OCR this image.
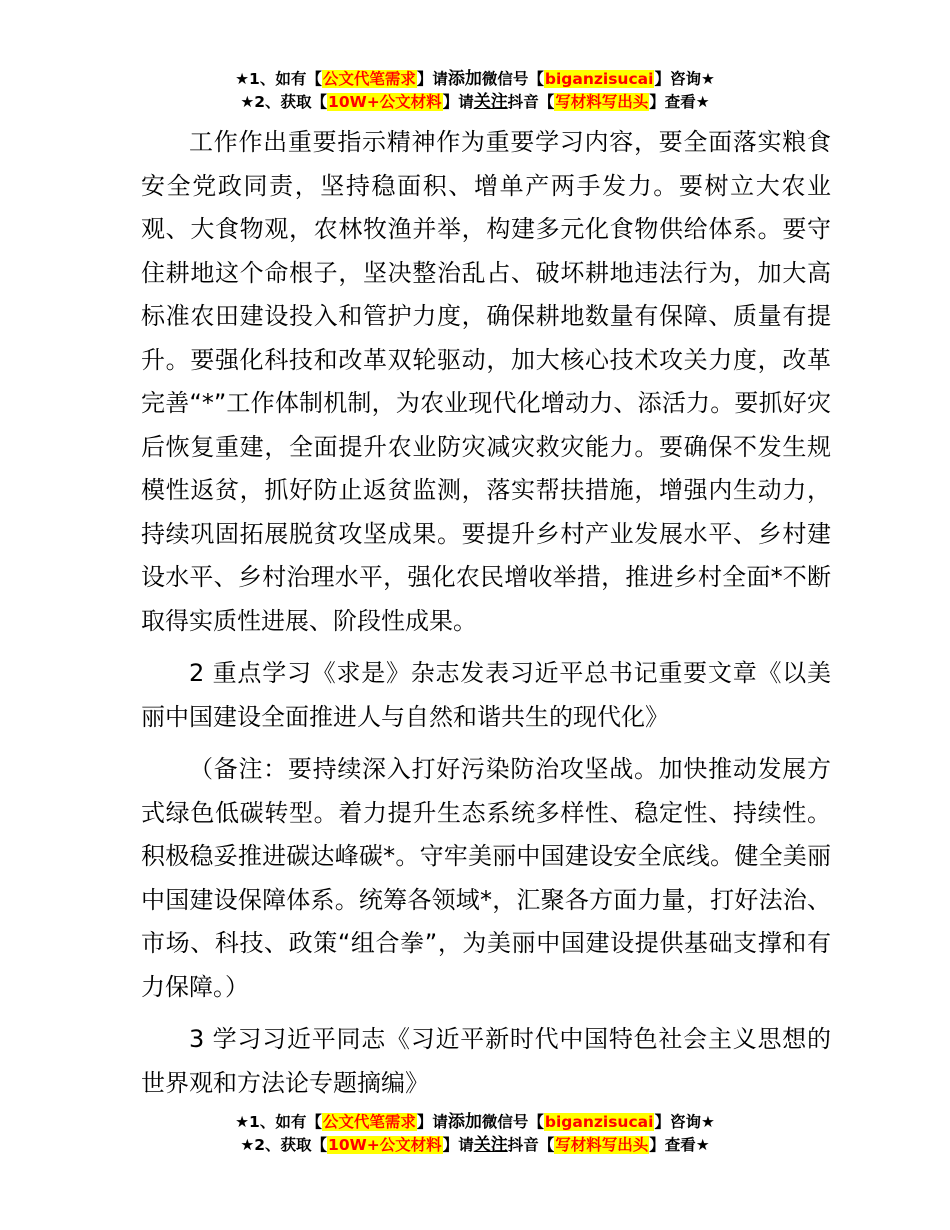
★1、如有【公文代笔需求】请添加微信号【biganzisucai】咨询★
★2、获取【10W+公文材料】请关注抖音【写材料写出头】查看★

工作作出重要指示精神作为重要学习内容，要全面落实粮食安全党政同责，坚持稳面积、增单产两手发力。要树立大农业观、大食物观，农林牧渔并举，构建多元化食物供给体系。要守住耕地这个命根子，坚决整治乱占、破坏耕地违法行为，加大高标准农田建设投入和管护力度，确保耕地数量有保障、质量有提升。要强化科技和改革双轮驱动，加大核心技术攻关力度，改革完善“*”工作体制机制，为农业现代化增动力、添活力。要抓好灾后恢复重建，全面提升农业防灾减灾救灾能力。要确保不发生规模性返贫，抓好防止返贫监测，落实帮扶措施，增强内生动力，持续巩固拓展脱贫攻坚成果。要提升乡村产业发展水平、乡村建设水平、乡村治理水平，强化农民增收举措，推进乡村全面*不断取得实质性进展、阶段性成果。

2 重点学习《求是》杂志发表习近平总书记重要文章《以美丽中国建设全面推进人与自然和谐共生的现代化》

（备注：要持续深入打好污染防治攻坚战。加快推动发展方式绿色低碳转型。着力提升生态系统多样性、稳定性、持续性。积极稳妥推进碳达峰碳*。守牢美丽中国建设安全底线。健全美丽中国建设保障体系。统筹各领域*，汇聚各方面力量，打好法治、市场、科技、政策“组合拳”，为美丽中国建设提供基础支撑和有力保障。）

3 学习习近平同志《习近平新时代中国特色社会主义思想的世界观和方法论专题摘编》

★1、如有【公文代笔需求】请添加微信号【biganzisucai】咨询★
★2、获取【10W+公文材料】请关注抖音【写材料写出头】查看★
